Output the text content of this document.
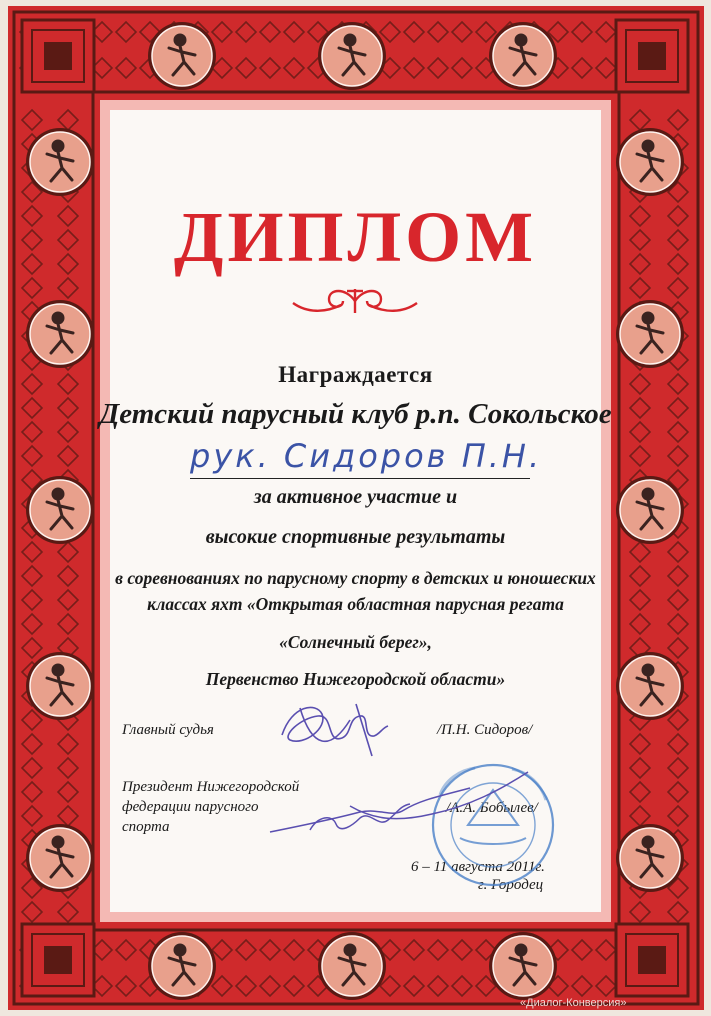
ДИПЛОМ
Награждается
Детский парусный клуб р.п. Сокольское
рук. Сидоров П.Н.
за активное участие и
высокие спортивные результаты
в соревнованиях по парусному спорту в детских и юношеских
классах яхт «Открытая областная парусная регата
«Солнечный берег»,
Первенство Нижегородской области»
Главный судья	/П.Н. Сидоров/
Президент Нижегородской
федерации парусного
спорта
/А.А. Бобылев/
6 – 11 августа 2011г.
г. Городец
«Диалог-Конверсия»
